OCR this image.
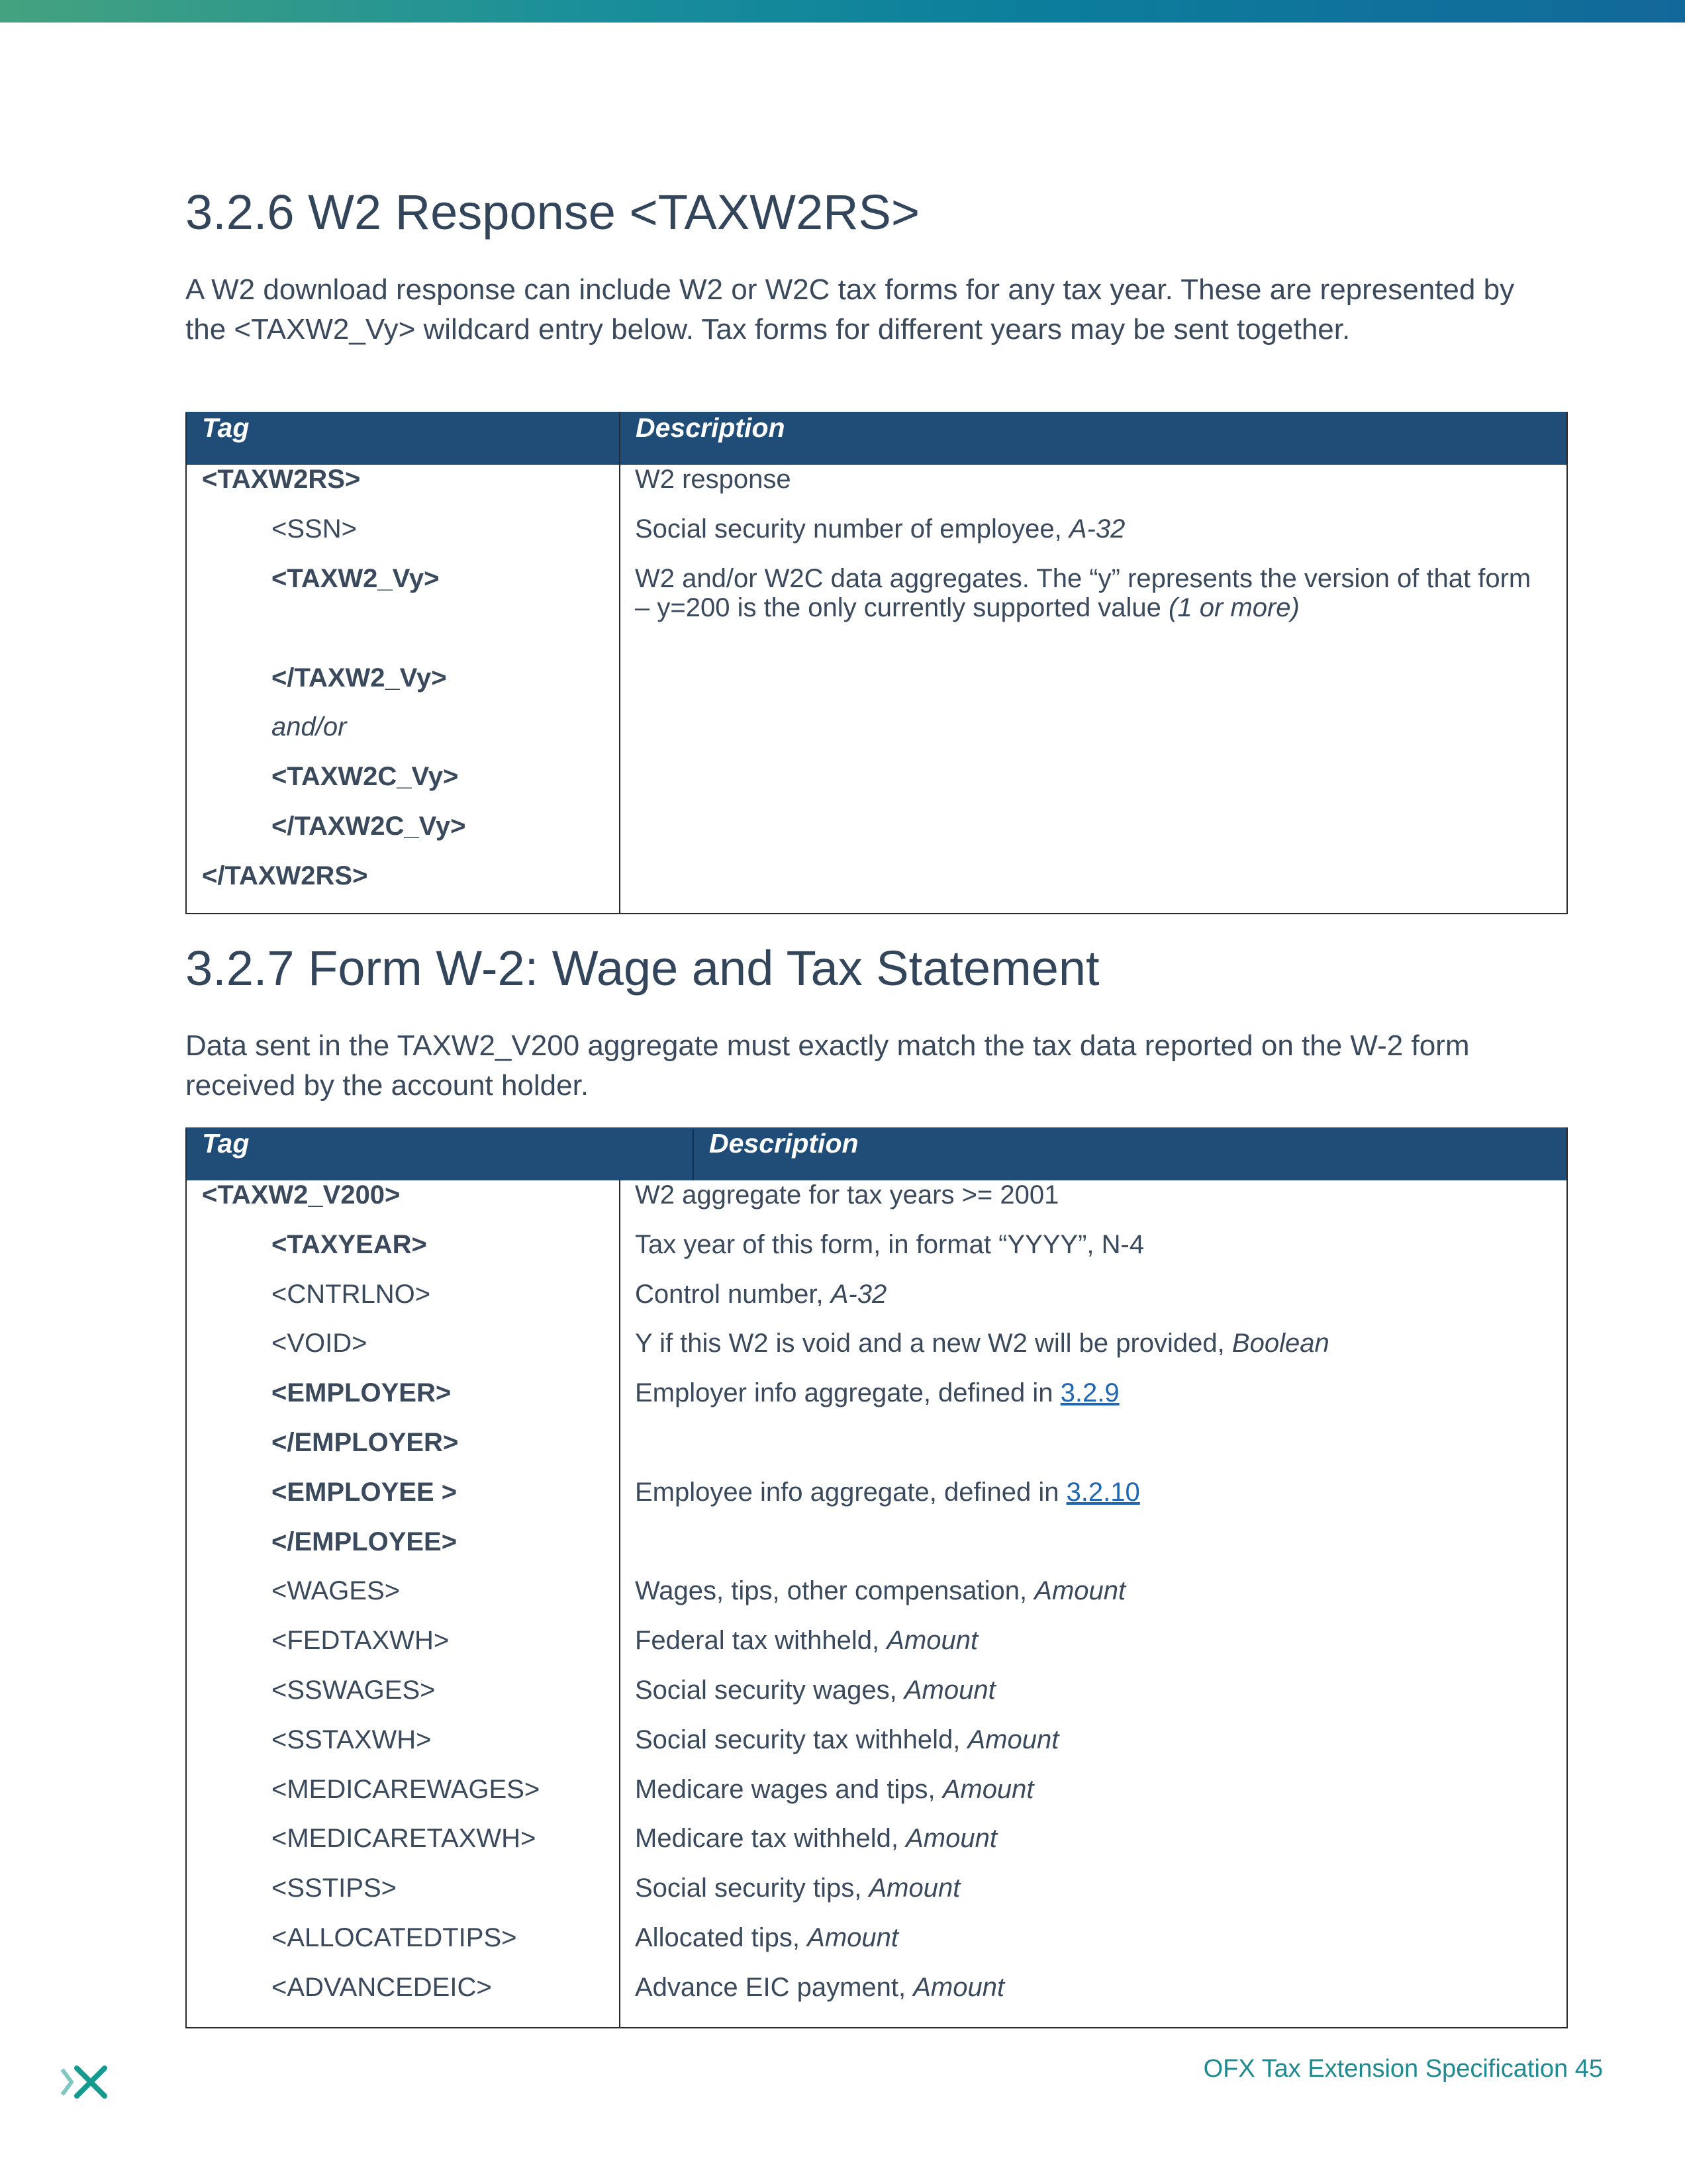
3.2.6 W2 Response <TAXW2RS>

A W2 download response can include W2 or W2C tax forms for any tax year. These are represented by the <TAXW2_Vy> wildcard entry below. Tax forms for different years may be sent together.

Tag	Description

<TAXW2RS>	W2 response

<SSN>	Social security number of employee, A-32

<TAXW2_Vy>	W2 and/or W2C data aggregates. The “y” represents the version of that form – y=200 is the only currently supported value (1 or more)

</TAXW2_Vy>	

and/or	

<TAXW2C_Vy>	

</TAXW2C_Vy>	

</TAXW2RS>	

3.2.7 Form W-2: Wage and Tax Statement

Data sent in the TAXW2_V200 aggregate must exactly match the tax data reported on the W-2 form received by the account holder.

Tag	Description

<TAXW2_V200>	W2 aggregate for tax years >= 2001

<TAXYEAR>	Tax year of this form, in format “YYYY”, N-4

<CNTRLNO>	Control number, A-32

<VOID>	Y if this W2 is void and a new W2 will be provided, Boolean

<EMPLOYER>	Employer info aggregate, defined in 3.2.9

</EMPLOYER>	

<EMPLOYEE >	Employee info aggregate, defined in 3.2.10

</EMPLOYEE>	

<WAGES>	Wages, tips, other compensation, Amount

<FEDTAXWH>	Federal tax withheld, Amount

<SSWAGES>	Social security wages, Amount

<SSTAXWH>	Social security tax withheld, Amount

<MEDICAREWAGES>	Medicare wages and tips, Amount

<MEDICARETAXWH>	Medicare tax withheld, Amount

<SSTIPS>	Social security tips, Amount

<ALLOCATEDTIPS>	Allocated tips, Amount

<ADVANCEDEIC>	Advance EIC payment, Amount
OFX Tax Extension Specification 45
